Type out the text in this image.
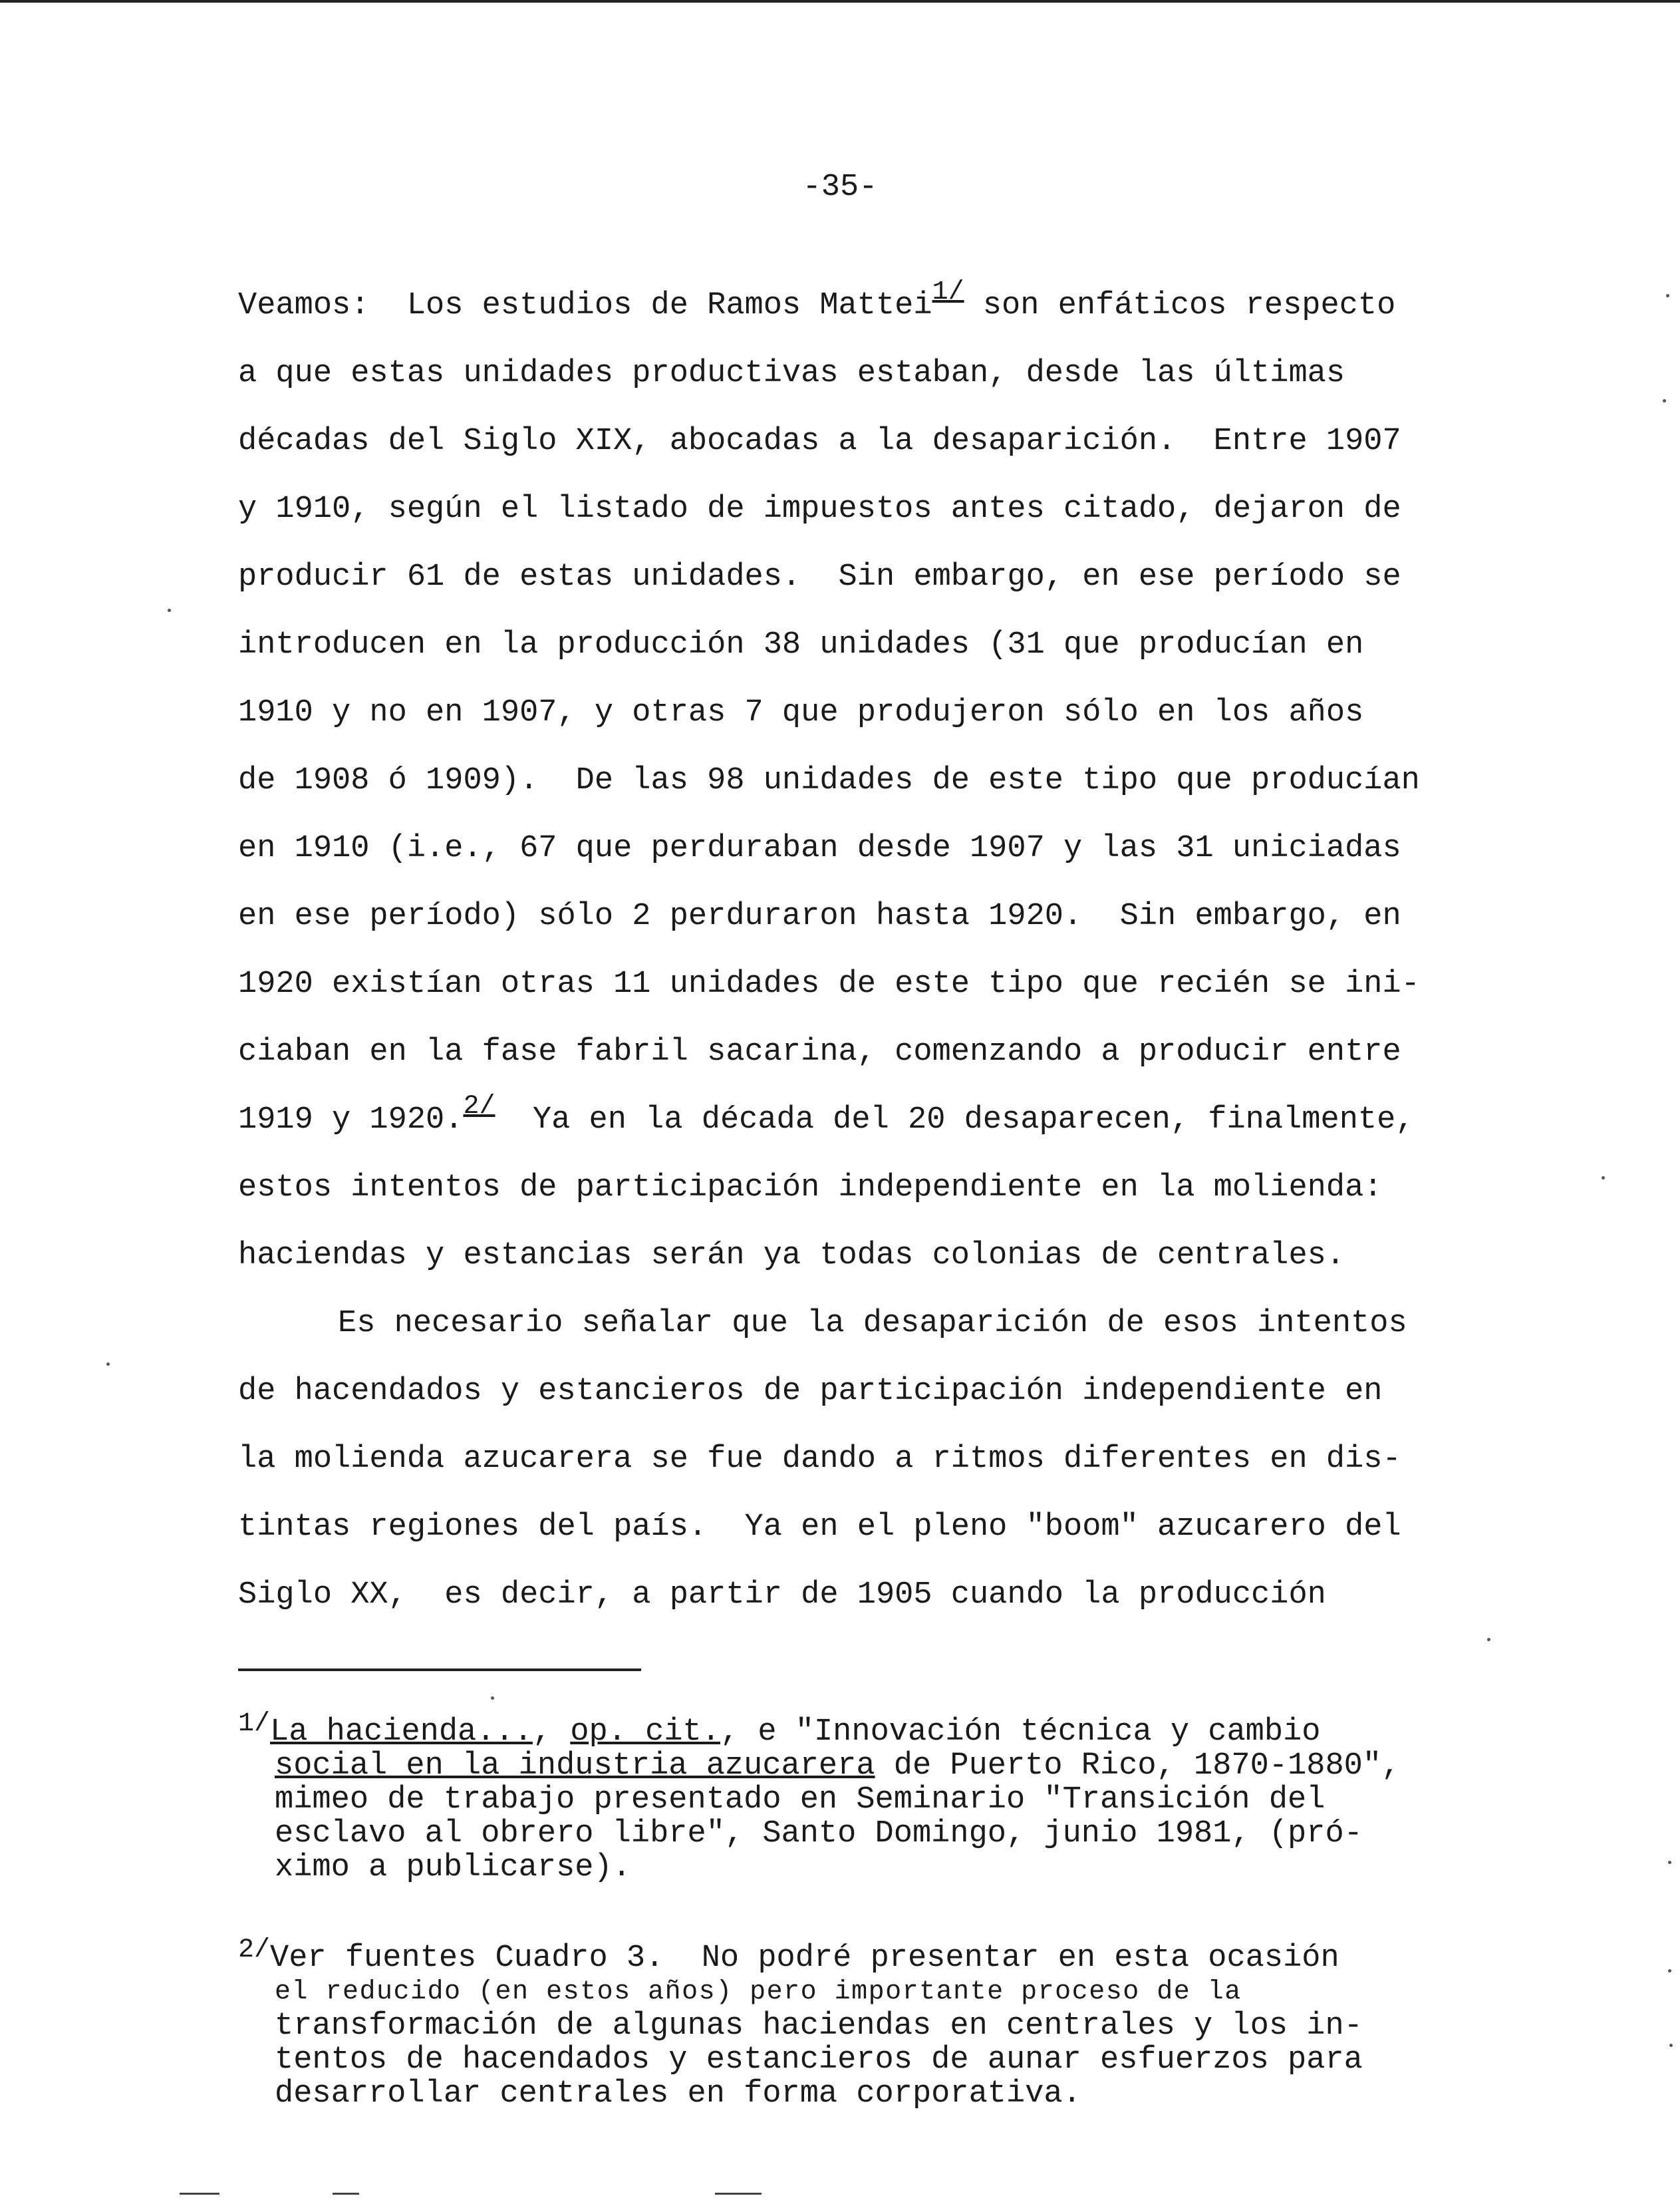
-35-
Veamos:  Los estudios de Ramos Mattei$^{1/}$ son enfáticos respecto
a que estas unidades productivas estaban, desde las últimas
décadas del Siglo XIX, abocadas a la desaparición.  Entre 1907
y 1910, según el listado de impuestos antes citado, dejaron de
producir 61 de estas unidades.  Sin embargo, en ese período se
introducen en la producción 38 unidades (31 que producían en
1910 y no en 1907, y otras 7 que produjeron sólo en los años
de 1908 ó 1909).  De las 98 unidades de este tipo que producían
en 1910 (i.e., 67 que perduraban desde 1907 y las 31 uniciadas
en ese período) sólo 2 perduraron hasta 1920.  Sin embargo, en
1920 existían otras 11 unidades de este tipo que recién se ini-
ciaban en la fase fabril sacarina, comenzando a producir entre
1919 y 1920.$^{2/}$  Ya en la década del 20 desaparecen, finalmente,
estos intentos de participación independiente en la molienda:
haciendas y estancias serán ya todas colonias de centrales.
Es necesario señalar que la desaparición de esos intentos
de hacendados y estancieros de participación independiente en
la molienda azucarera se fue dando a ritmos diferentes en dis-
tintas regiones del país.  Ya en el pleno "boom" azucarero del
Siglo XX,  es decir, a partir de 1905 cuando la producción
1/La hacienda..., op. cit., e "Innovación técnica y cambio
social en la industria azucarera de Puerto Rico, 1870-1880",
mimeo de trabajo presentado en Seminario "Transición del
esclavo al obrero libre", Santo Domingo, junio 1981, (pró-
ximo a publicarse).
2/Ver fuentes Cuadro 3.  No podré presentar en esta ocasión
el reducido (en estos años) pero importante proceso de la
transformación de algunas haciendas en centrales y los in-
tentos de hacendados y estancieros de aunar esfuerzos para
desarrollar centrales en forma corporativa.
